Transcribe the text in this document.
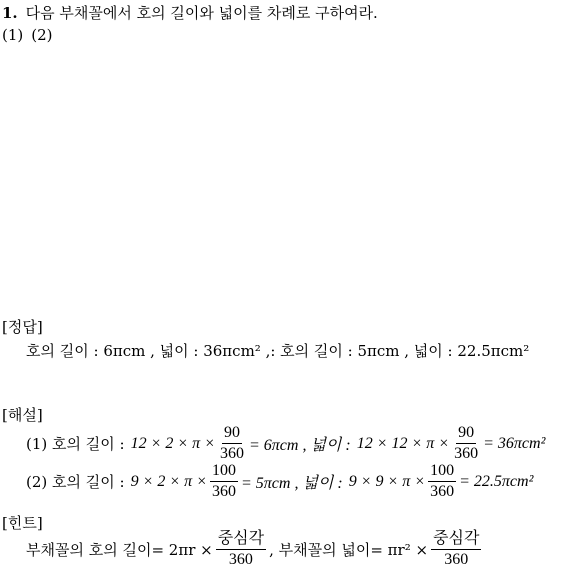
1. 다음 부채꼴에서 호의 길이와 넓이를 차례로 구하여라.
(1) (2)
[정답]
호의 길이 : 6πcm , 넓이 : 36πcm² ,: 호의 길이 : 5πcm , 넓이 : 22.5πcm²
[해설]
(1) 호의 길이 : $12 \times 2 \times \pi \times \frac{90}{360} = 6\pi cm$ , 넓이 : $12 \times 12 \times \pi \times \frac{90}{360} = 36\pi cm^2$
(2) 호의 길이 : $9 \times 2 \times \pi \times \frac{100}{360} = 5\pi cm$ , 넓이 : $9 \times 9 \times \pi \times \frac{100}{360} = 22.5\pi cm^2$
[힌트]
부채꼴의 호의 길이= $2\pi r \times \frac{\text{중심각}}{360}$ , 부채꼴의 넓이= $\pi r^2 \times \frac{\text{중심각}}{360}$
